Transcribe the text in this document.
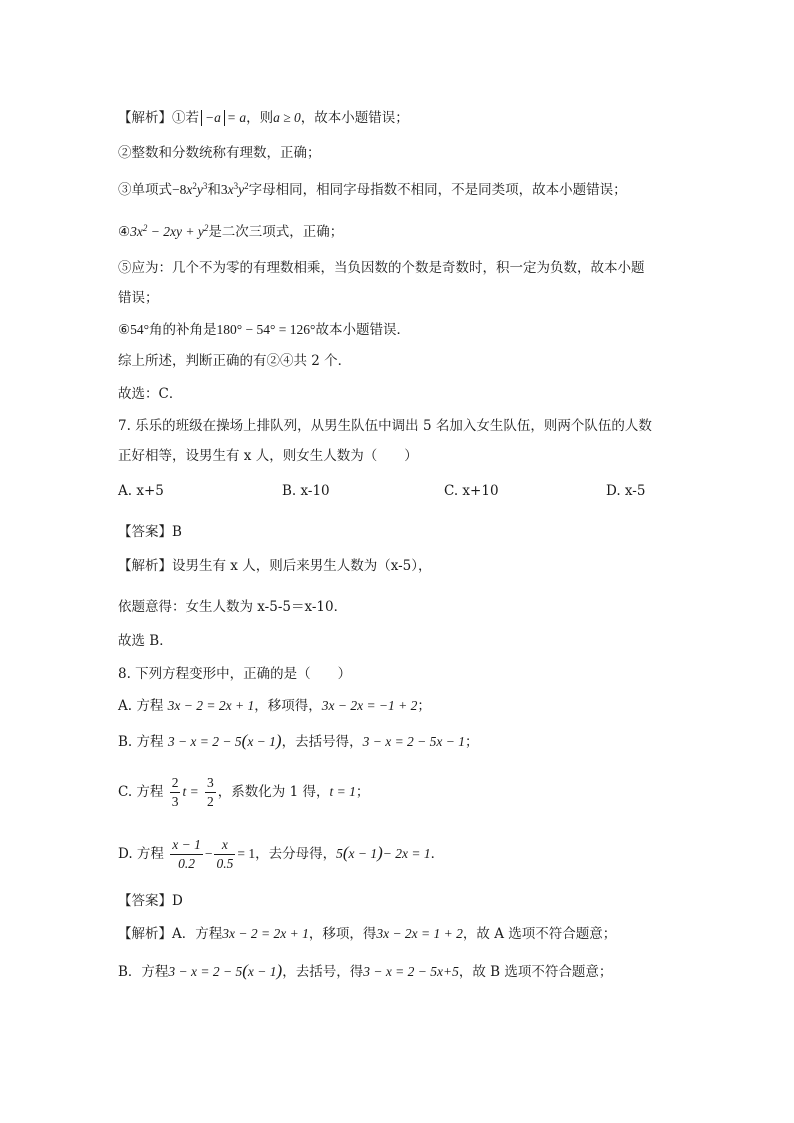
【解析】①若 −a = a，则a ≥ 0，故本小题错误；
②整数和分数统称有理数，正确；
③单项式$-8x^2y^3$和$3x^3y^2$字母相同，相同字母指数不相同，不是同类项，故本小题错误；
$④3x^2 - 2xy + y^2$是二次三项式，正确；
⑤应为：几个不为零的有理数相乘，当负因数的个数是奇数时，积一定为负数，故本小题
错误；
⑥54°角的补角是180° − 54° = 126°故本小题错误．
综上所述，判断正确的有②④共 2 个．
故选：C．
7. 乐乐的班级在操场上排队列，从男生队伍中调出 5 名加入女生队伍，则两个队伍的人数
正好相等，设男生有 x 人，则女生人数为（　　）
A. x+5	B. x-10	C. x+10	D. x-5
【答案】B
【解析】设男生有 x 人，则后来男生人数为（x-5），
依题意得：女生人数为 x-5-5＝x-10．
故选 B．
8. 下列方程变形中，正确的是（　　）
A. 方程 3x − 2 = 2x + 1，移项得，3x − 2x = −1 + 2；
B. 方程 3 − x = 2 − 5(x − 1)，去括号得，3 − x = 2 − 5x − 1；
C. 方程 $\frac{2}{3}$ $t = \frac{3}{2}$ ，系数化为 1 得，t = 1；
D. 方程 $\frac{x - 1}{0.2} - \frac{x}{0.5} = 1$，去分母得，5(x − 1)− 2x = 1．
【答案】D
【解析】A．方程3x − 2 = 2x + 1，移项，得3x − 2x = 1 + 2，故 A 选项不符合题意；
B．方程3 − x = 2 − 5(x − 1)，去括号，得3 − x = 2 − 5x+5，故 B 选项不符合题意；
